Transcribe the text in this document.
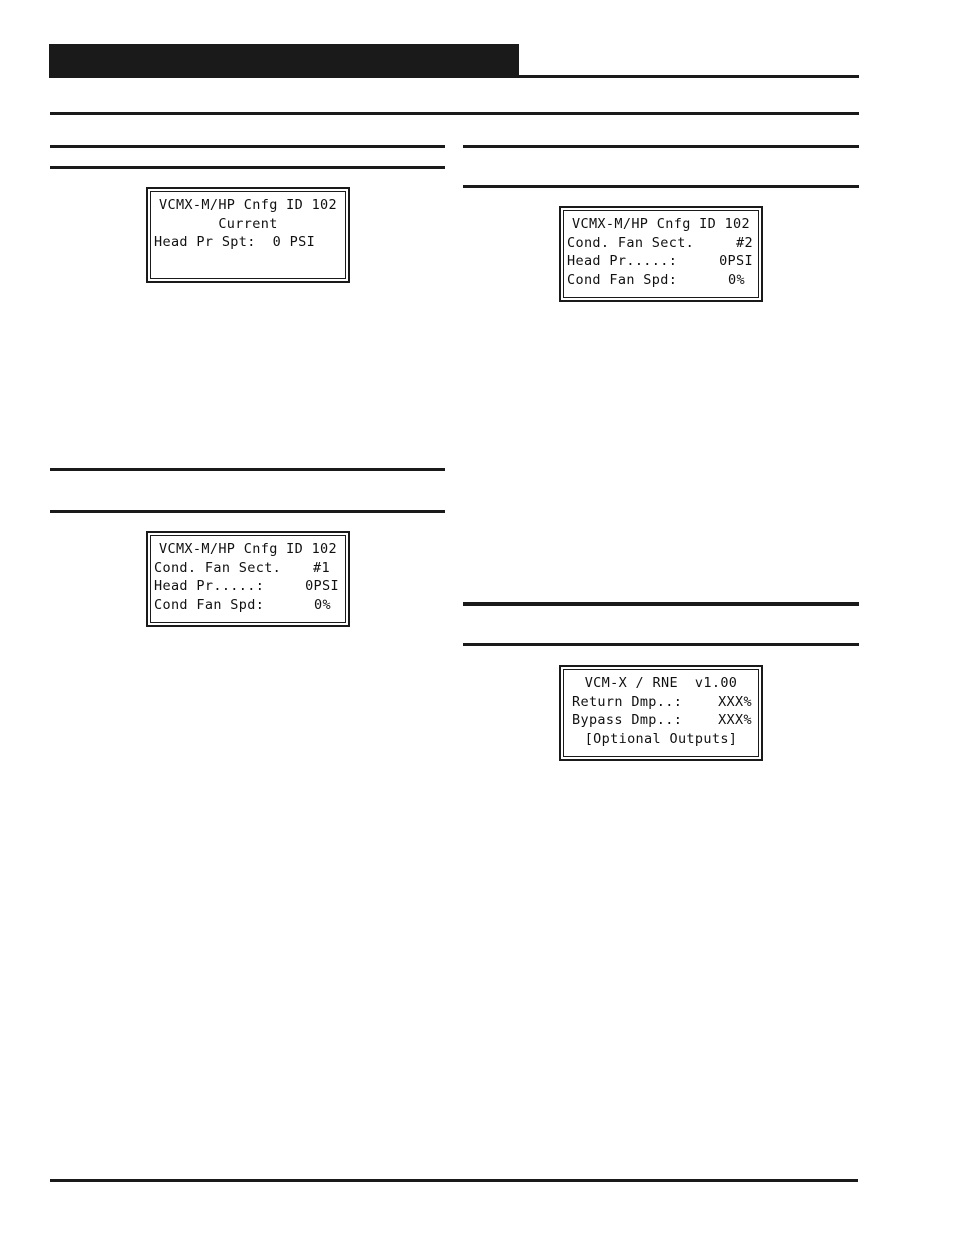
VCMX-M/HP Cnfg ID 102
Current
Head Pr Spt:  0 PSI
VCMX-M/HP Cnfg ID 102
Cond. Fan Sect. #1
Head Pr.....:	0PSI
Cond Fan Spd:	0%
VCMX-M/HP Cnfg ID 102
Cond. Fan Sect.	#2
Head Pr.....:	0PSI
Cond Fan Spd:	0%
VCM-X / RNE  v1.00
Return Dmp..:	XXX%
Bypass Dmp..:	XXX%
[Optional Outputs]
